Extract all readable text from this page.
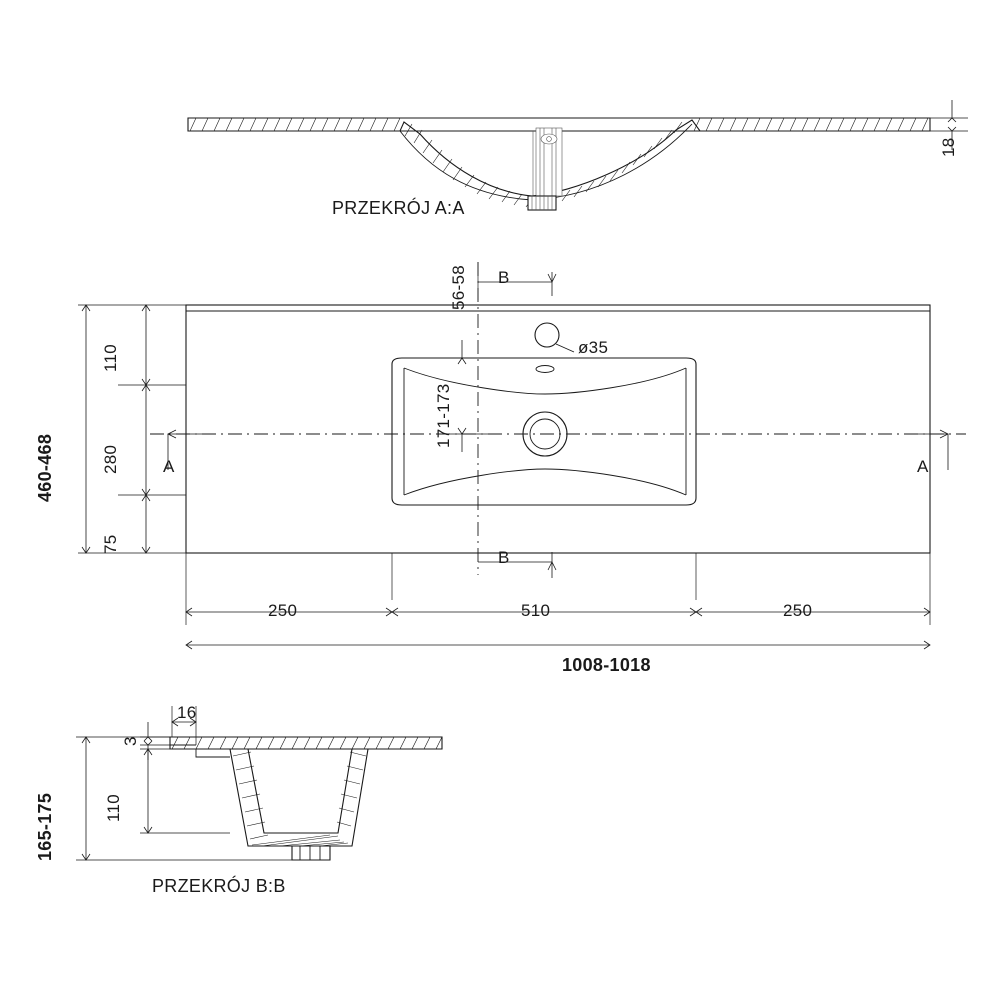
PRZEKRÓJ A:A
18
56-58 B
B
A	A
460-468
110
280
75
171-173
ø35
250	510	250
1008-1018
3
16
110
165-175
PRZEKRÓJ B:B
